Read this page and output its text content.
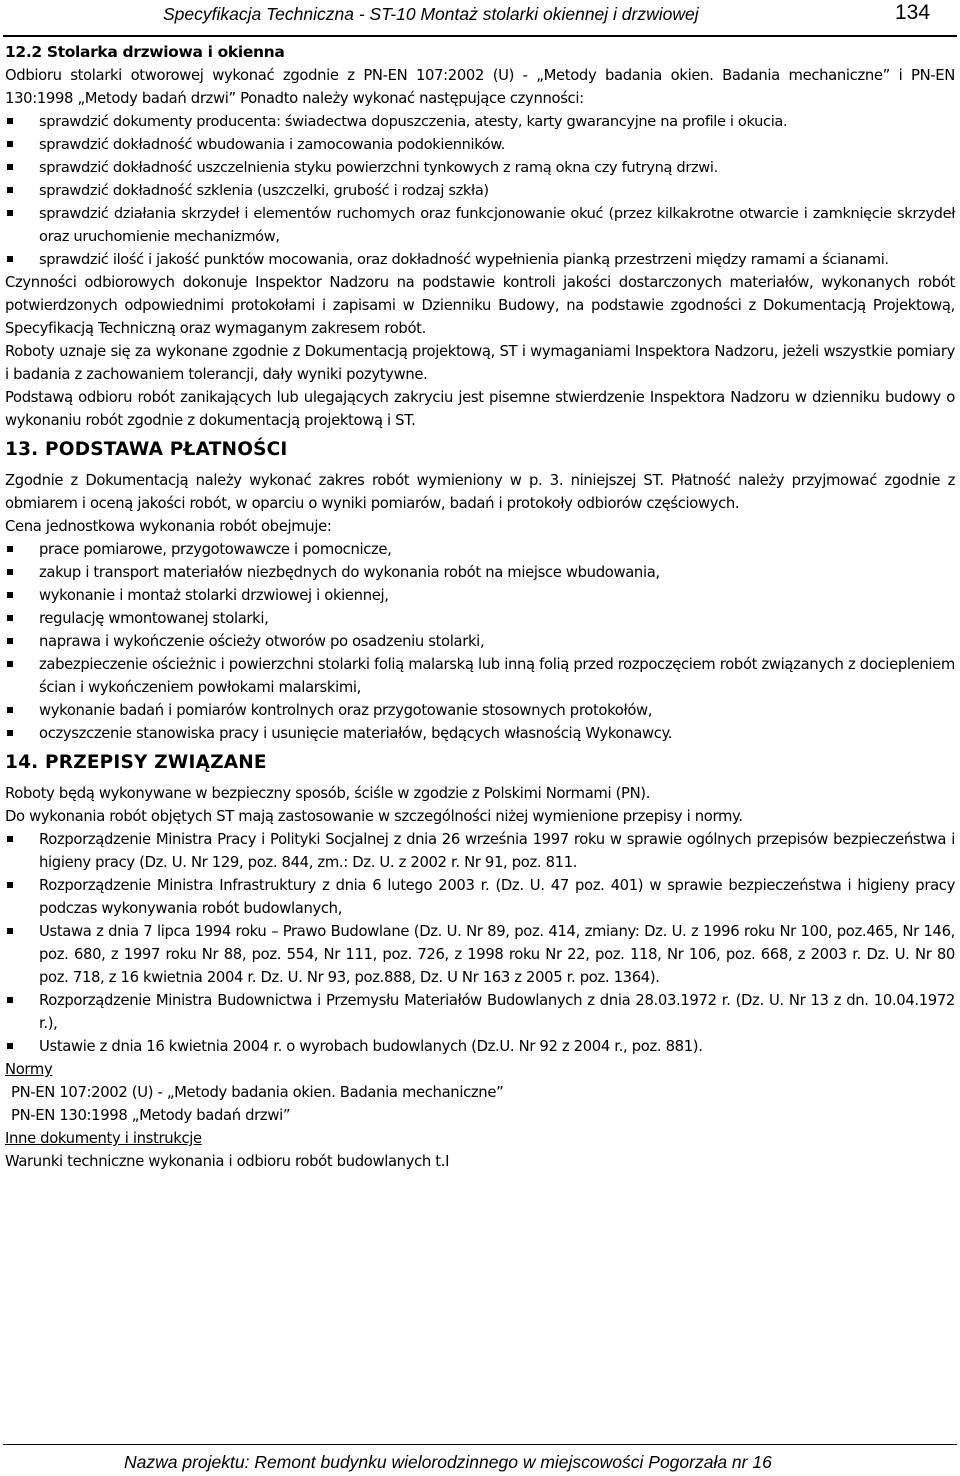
Specyfikacja Techniczna - ST-10 Montaż stolarki okiennej i drzwiowej	134
12.2 Stolarka drzwiowa i okienna

Odbioru stolarki otworowej wykonać zgodnie z PN-EN 107:2002 (U) - „Metody badania okien. Badania mechaniczne” i PN-EN 130:1998 „Metody badań drzwi” Ponadto należy wykonać następujące czynności:

sprawdzić dokumenty producenta: świadectwa dopuszczenia, atesty, karty gwarancyjne na profile i okucia.
sprawdzić dokładność wbudowania i zamocowania podokienników.
sprawdzić dokładność uszczelnienia styku powierzchni tynkowych z ramą okna czy futryną drzwi.
sprawdzić dokładność szklenia (uszczelki, grubość i rodzaj szkła)
sprawdzić działania skrzydeł i elementów ruchomych oraz funkcjonowanie okuć (przez kilkakrotne otwarcie i zamknięcie skrzydeł oraz uruchomienie mechanizmów,
sprawdzić ilość i jakość punktów mocowania, oraz dokładność wypełnienia pianką przestrzeni między ramami a ścianami.

Czynności odbiorowych dokonuje Inspektor Nadzoru na podstawie kontroli jakości dostarczonych materiałów, wykonanych robót potwierdzonych odpowiednimi protokołami i zapisami w Dzienniku Budowy, na podstawie zgodności z Dokumentacją Projektową, Specyfikacją Techniczną oraz wymaganym zakresem robót.

Roboty uznaje się za wykonane zgodnie z Dokumentacją projektową, ST i wymaganiami Inspektora Nadzoru, jeżeli wszystkie pomiary i badania z zachowaniem tolerancji, dały wyniki pozytywne.

Podstawą odbioru robót zanikających lub ulegających zakryciu jest pisemne stwierdzenie Inspektora Nadzoru w dzienniku budowy o wykonaniu robót zgodnie z dokumentacją projektową i ST.

13. PODSTAWA PŁATNOŚCI

Zgodnie z Dokumentacją należy wykonać zakres robót wymieniony w p. 3. niniejszej ST. Płatność należy przyjmować zgodnie z obmiarem i oceną jakości robót, w oparciu o wyniki pomiarów, badań i protokoły odbiorów częściowych.

Cena jednostkowa wykonania robót obejmuje:

prace pomiarowe, przygotowawcze i pomocnicze,
zakup i transport materiałów niezbędnych do wykonania robót na miejsce wbudowania,
wykonanie i montaż stolarki drzwiowej i okiennej,
regulację wmontowanej stolarki,
naprawa i wykończenie ościeży otworów po osadzeniu stolarki,
zabezpieczenie ościeżnic i powierzchni stolarki folią malarską lub inną folią przed rozpoczęciem robót związanych z dociepleniem ścian i wykończeniem powłokami malarskimi,
wykonanie badań i pomiarów kontrolnych oraz przygotowanie stosownych protokołów,
oczyszczenie stanowiska pracy i usunięcie materiałów, będących własnością Wykonawcy.
14. PRZEPISY ZWIĄZANE

Roboty będą wykonywane w bezpieczny sposób, ściśle w zgodzie z Polskimi Normami (PN).

Do wykonania robót objętych ST mają zastosowanie w szczególności niżej wymienione przepisy i normy.

Rozporządzenie Ministra Pracy i Polityki Socjalnej z dnia 26 września 1997 roku w sprawie ogólnych przepisów bezpieczeństwa i higieny pracy (Dz. U. Nr 129, poz. 844, zm.: Dz. U. z 2002 r. Nr 91, poz. 811.
Rozporządzenie Ministra Infrastruktury z dnia 6 lutego 2003 r. (Dz. U. 47 poz. 401) w sprawie bezpieczeństwa i higieny pracy podczas wykonywania robót budowlanych,
Ustawa z dnia 7 lipca 1994 roku – Prawo Budowlane (Dz. U. Nr 89, poz. 414, zmiany: Dz. U. z 1996 roku Nr 100, poz.465, Nr 146, poz. 680, z 1997 roku Nr 88, poz. 554, Nr 111, poz. 726, z 1998 roku Nr 22, poz. 118, Nr 106, poz. 668, z 2003 r. Dz. U. Nr 80 poz. 718, z 16 kwietnia 2004 r. Dz. U. Nr 93, poz.888, Dz. U Nr 163 z 2005 r. poz. 1364).
Rozporządzenie Ministra Budownictwa i Przemysłu Materiałów Budowlanych z dnia 28.03.1972 r. (Dz. U. Nr 13 z dn. 10.04.1972 r.),
Ustawie z dnia 16 kwietnia 2004 r. o wyrobach budowlanych (Dz.U. Nr 92 z 2004 r., poz. 881).

Normy

PN-EN 107:2002 (U) - „Metody badania okien. Badania mechaniczne”

PN-EN 130:1998 „Metody badań drzwi”

Inne dokumenty i instrukcje

Warunki techniczne wykonania i odbioru robót budowlanych t.I

Nazwa projektu: Remont budynku wielorodzinnego w miejscowości Pogorzała nr 16
